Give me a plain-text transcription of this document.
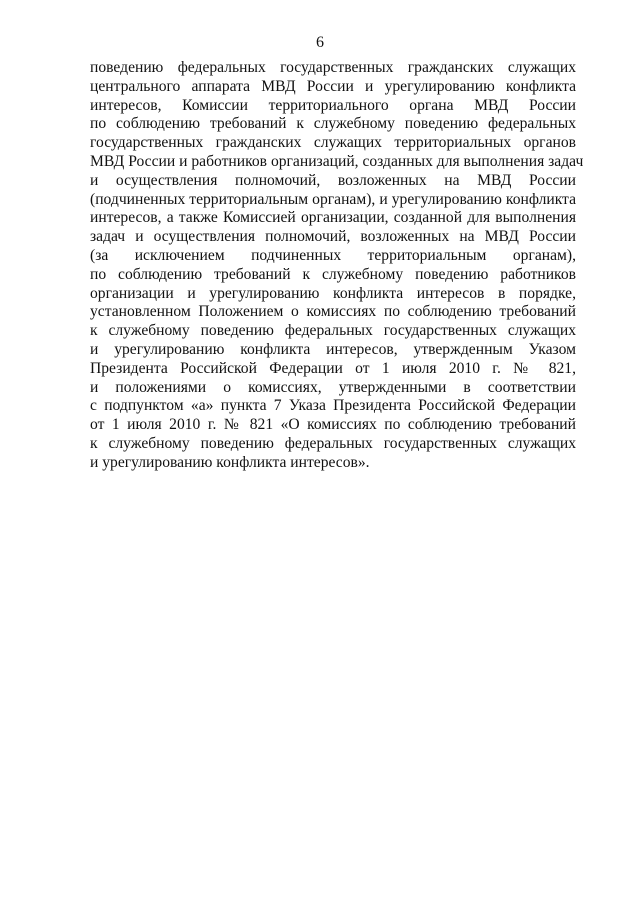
6
поведению федеральных государственных гражданских служащих
центрального аппарата МВД России и урегулированию конфликта
интересов, Комиссии территориального органа МВД России
по соблюдению требований к служебному поведению федеральных
государственных гражданских служащих территориальных органов
МВД России и работников организаций, созданных для выполнения задач
и осуществления полномочий, возложенных на МВД России
(подчиненных территориальным органам), и урегулированию конфликта
интересов, а также Комиссией организации, созданной для выполнения
задач и осуществления полномочий, возложенных на МВД России
(за исключением подчиненных территориальным органам),
по соблюдению требований к служебному поведению работников
организации и урегулированию конфликта интересов в порядке,
установленном Положением о комиссиях по соблюдению требований
к служебному поведению федеральных государственных служащих
и урегулированию конфликта интересов, утвержденным Указом
Президента Российской Федерации от 1 июля 2010 г. № 821,
и положениями о комиссиях, утвержденными в соответствии
с подпунктом «а» пункта 7 Указа Президента Российской Федерации
от 1 июля 2010 г. № 821 «О комиссиях по соблюдению требований
к служебному поведению федеральных государственных служащих
и урегулированию конфликта интересов».
